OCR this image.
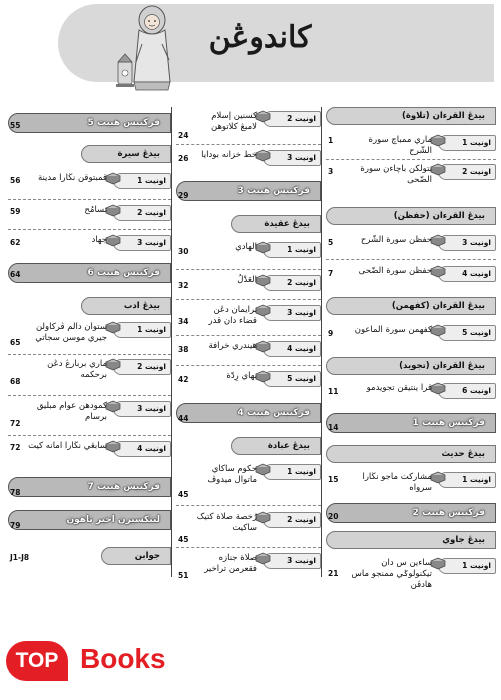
کاندوڠن
بيدڠ القرءان (تلاوة)
اونيت 1
ماري ممباچ سورة الشّرح
1
اونيت 2
بتولکن باچاءن سورة الضّحى
3
بيدڠ القرءان (حفظن)
اونيت 3
حفظن سورة الشّرح
5
اونيت 4
حفظن سورة الضّحى
7
بيدڠ القرءان (کفهمن)
اونيت 5
کفهمن سورة الماعون
9
بيدڠ القرءان (تجويد)
اونيت 6
قرا ينتيقن تجويدمو
11
فرکتيس هيبت 1
14
بيدڠ حديث
اونيت 1
مشارکت ماجو نڬارا سرواه
15
فرکتيس هيبت 2
20
بيدڠ جاوي
اونيت 1
ساءين س دان تيکنولوݢي ممنجو ماس هادڤن
21
اونيت 2
کسنين إسلام لامبڠ کلاتوهن
24
اونيت 3
خط خزانه بودايا
26
فرکتيس هيبت 3
29
بيدڠ عقيدة
اونيت 1
الهادي
30
اونيت 2
العَدْلُ
32
اونيت 3
برايمان دڠن قضاء دان قدر
34
اونيت 4
هيندري خرافة
38
اونيت 5
بهاي رِدّة
42
فرکتيس هيبت 4
44
بيدڠ عبادة
اونيت 1
حکوم ساکاي ماتوال ميدوڤ
45
اونيت 2
رُخصة صلاة کتيک ساکيت
45
اونيت 3
صلاة جنازه فقعرمن تراخير
51
فرکتيس هيبت 5
55
بيدڠ سيرة
اونيت 1
قمبتوقن نڬارا مدينة
56
اونيت 2
تسامُح
59
اونيت 3
جهاد
62
فرکتيس هيبت 6
64
بيدڠ ادب
اونيت 1
ستوان دالم ڤرکاولن جيري موسن سجاتي
65
اونيت 2
ماري بربارڠ دڠن برحکمه
68
اونيت 3
کمودهن عوام مبليق برسام
72
اونيت 4
سابڠي نڬارا امانه کيت
72
فرکتيس هيبت 7
78
لنتکسيرن اخير تاهون
79
جوابن
J1-J8
TOP Books
